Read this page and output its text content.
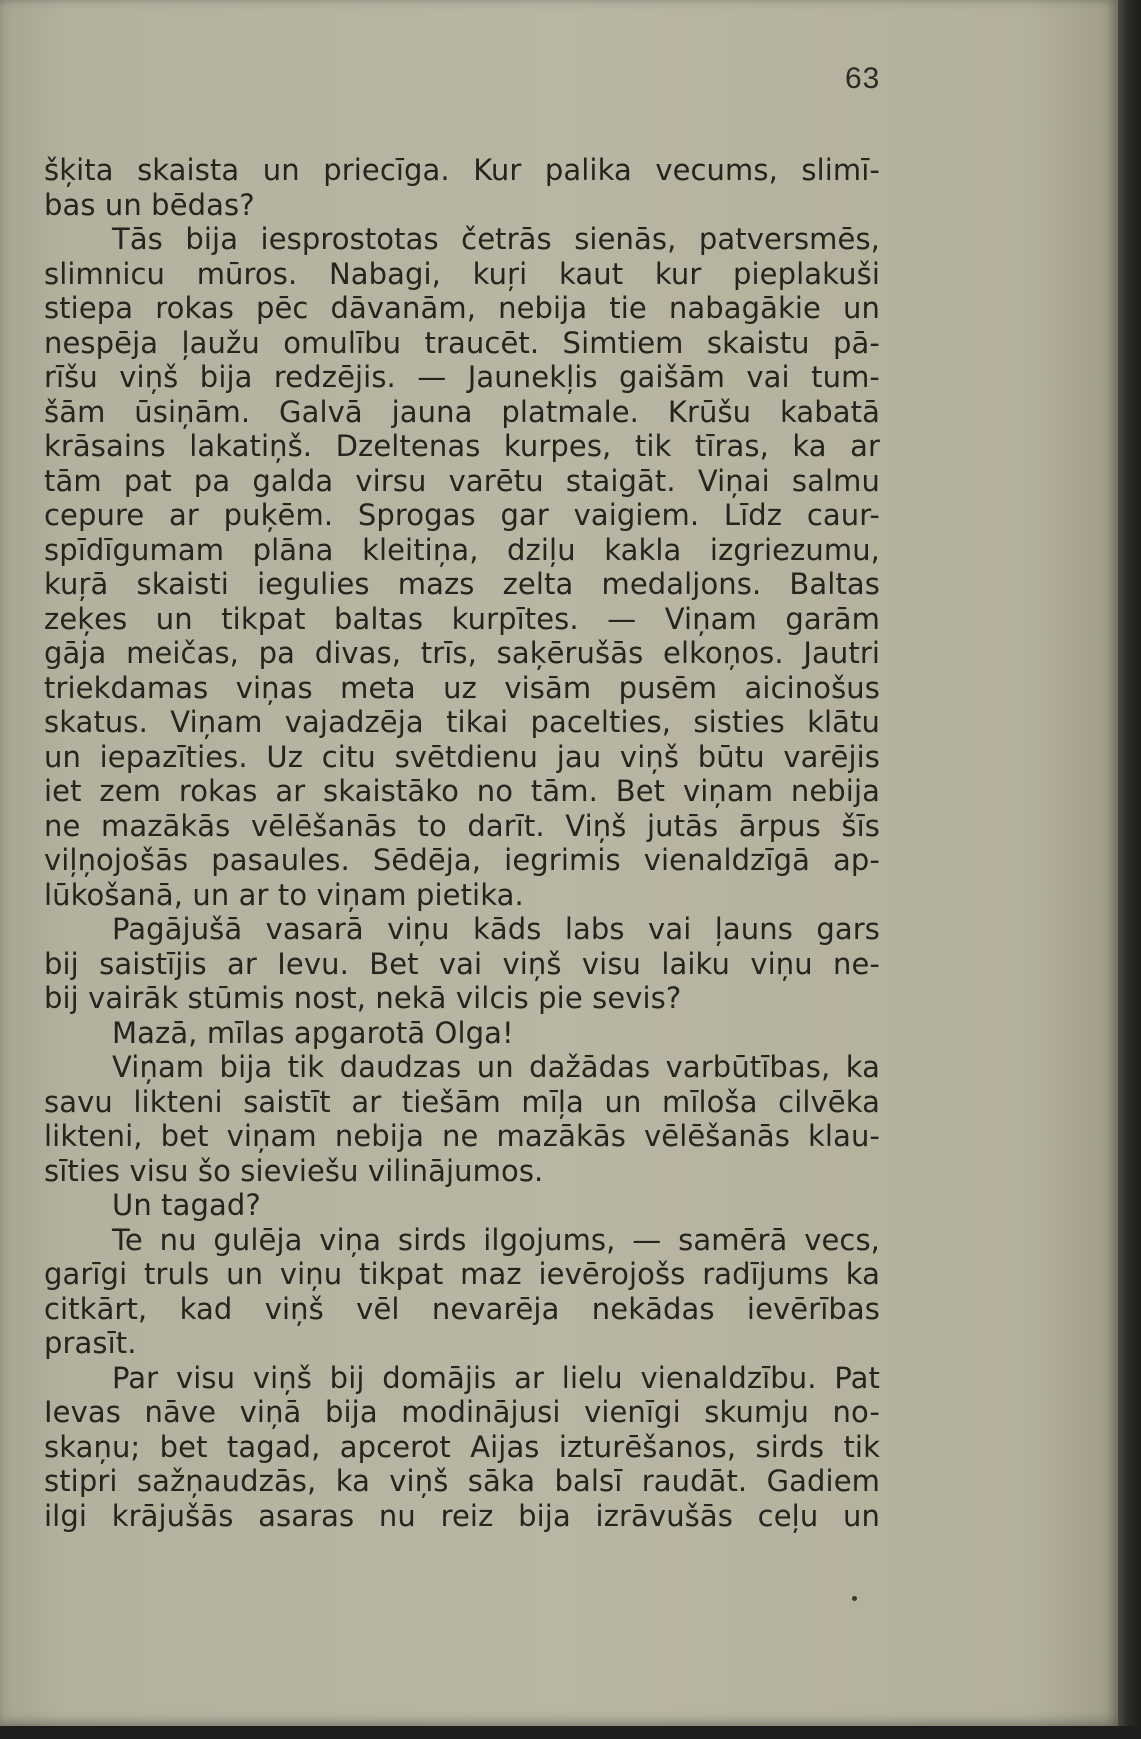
63
šķita skaista un priecīga. Kur palika vecums, slimī-
bas un bēdas?
Tās bija iesprostotas četrās sienās, patversmēs,
slimnicu mūros. Nabagi, kuŗi kaut kur pieplakuši
stiepa rokas pēc dāvanām, nebija tie nabagākie un
nespēja ļaužu omulību traucēt. Simtiem skaistu pā-
rīšu viņš bija redzējis. — Jaunekļis gaišām vai tum-
šām ūsiņām. Galvā jauna platmale. Krūšu kabatā
krāsains lakatiņš. Dzeltenas kurpes, tik tīras, ka ar
tām pat pa galda virsu varētu staigāt. Viņai salmu
cepure ar puķēm. Sprogas gar vaigiem. Līdz caur-
spīdīgumam plāna kleitiņa, dziļu kakla izgriezumu,
kuŗā skaisti iegulies mazs zelta medaljons. Baltas
zeķes un tikpat baltas kurpītes. — Viņam garām
gāja meičas, pa divas, trīs, saķērušās elkoņos. Jautri
triekdamas viņas meta uz visām pusēm aicinošus
skatus. Viņam vajadzēja tikai pacelties, sisties klātu
un iepazīties. Uz citu svētdienu jau viņš būtu varējis
iet zem rokas ar skaistāko no tām. Bet viņam nebija
ne mazākās vēlēšanās to darīt. Viņš jutās ārpus šīs
viļņojošās pasaules. Sēdēja, iegrimis vienaldzīgā ap-
lūkošanā, un ar to viņam pietika.
Pagājušā vasarā viņu kāds labs vai ļauns gars
bij saistījis ar Ievu. Bet vai viņš visu laiku viņu ne-
bij vairāk stūmis nost, nekā vilcis pie sevis?
Mazā, mīlas apgarotā Olga!
Viņam bija tik daudzas un dažādas varbūtības, ka
savu likteni saistīt ar tiešām mīļa un mīloša cilvēka
likteni, bet viņam nebija ne mazākās vēlēšanās klau-
sīties visu šo sieviešu vilinājumos.
Un tagad?
Te nu gulēja viņa sirds ilgojums, — samērā vecs,
garīgi truls un viņu tikpat maz ievērojošs radījums ka
citkārt, kad viņš vēl nevarēja nekādas ievērības
prasīt.
Par visu viņš bij domājis ar lielu vienaldzību. Pat
Ievas nāve viņā bija modinājusi vienīgi skumju no-
skaņu; bet tagad, apcerot Aijas izturēšanos, sirds tik
stipri sažņaudzās, ka viņš sāka balsī raudāt. Gadiem
ilgi krājušās asaras nu reiz bija izrāvušās ceļu un
